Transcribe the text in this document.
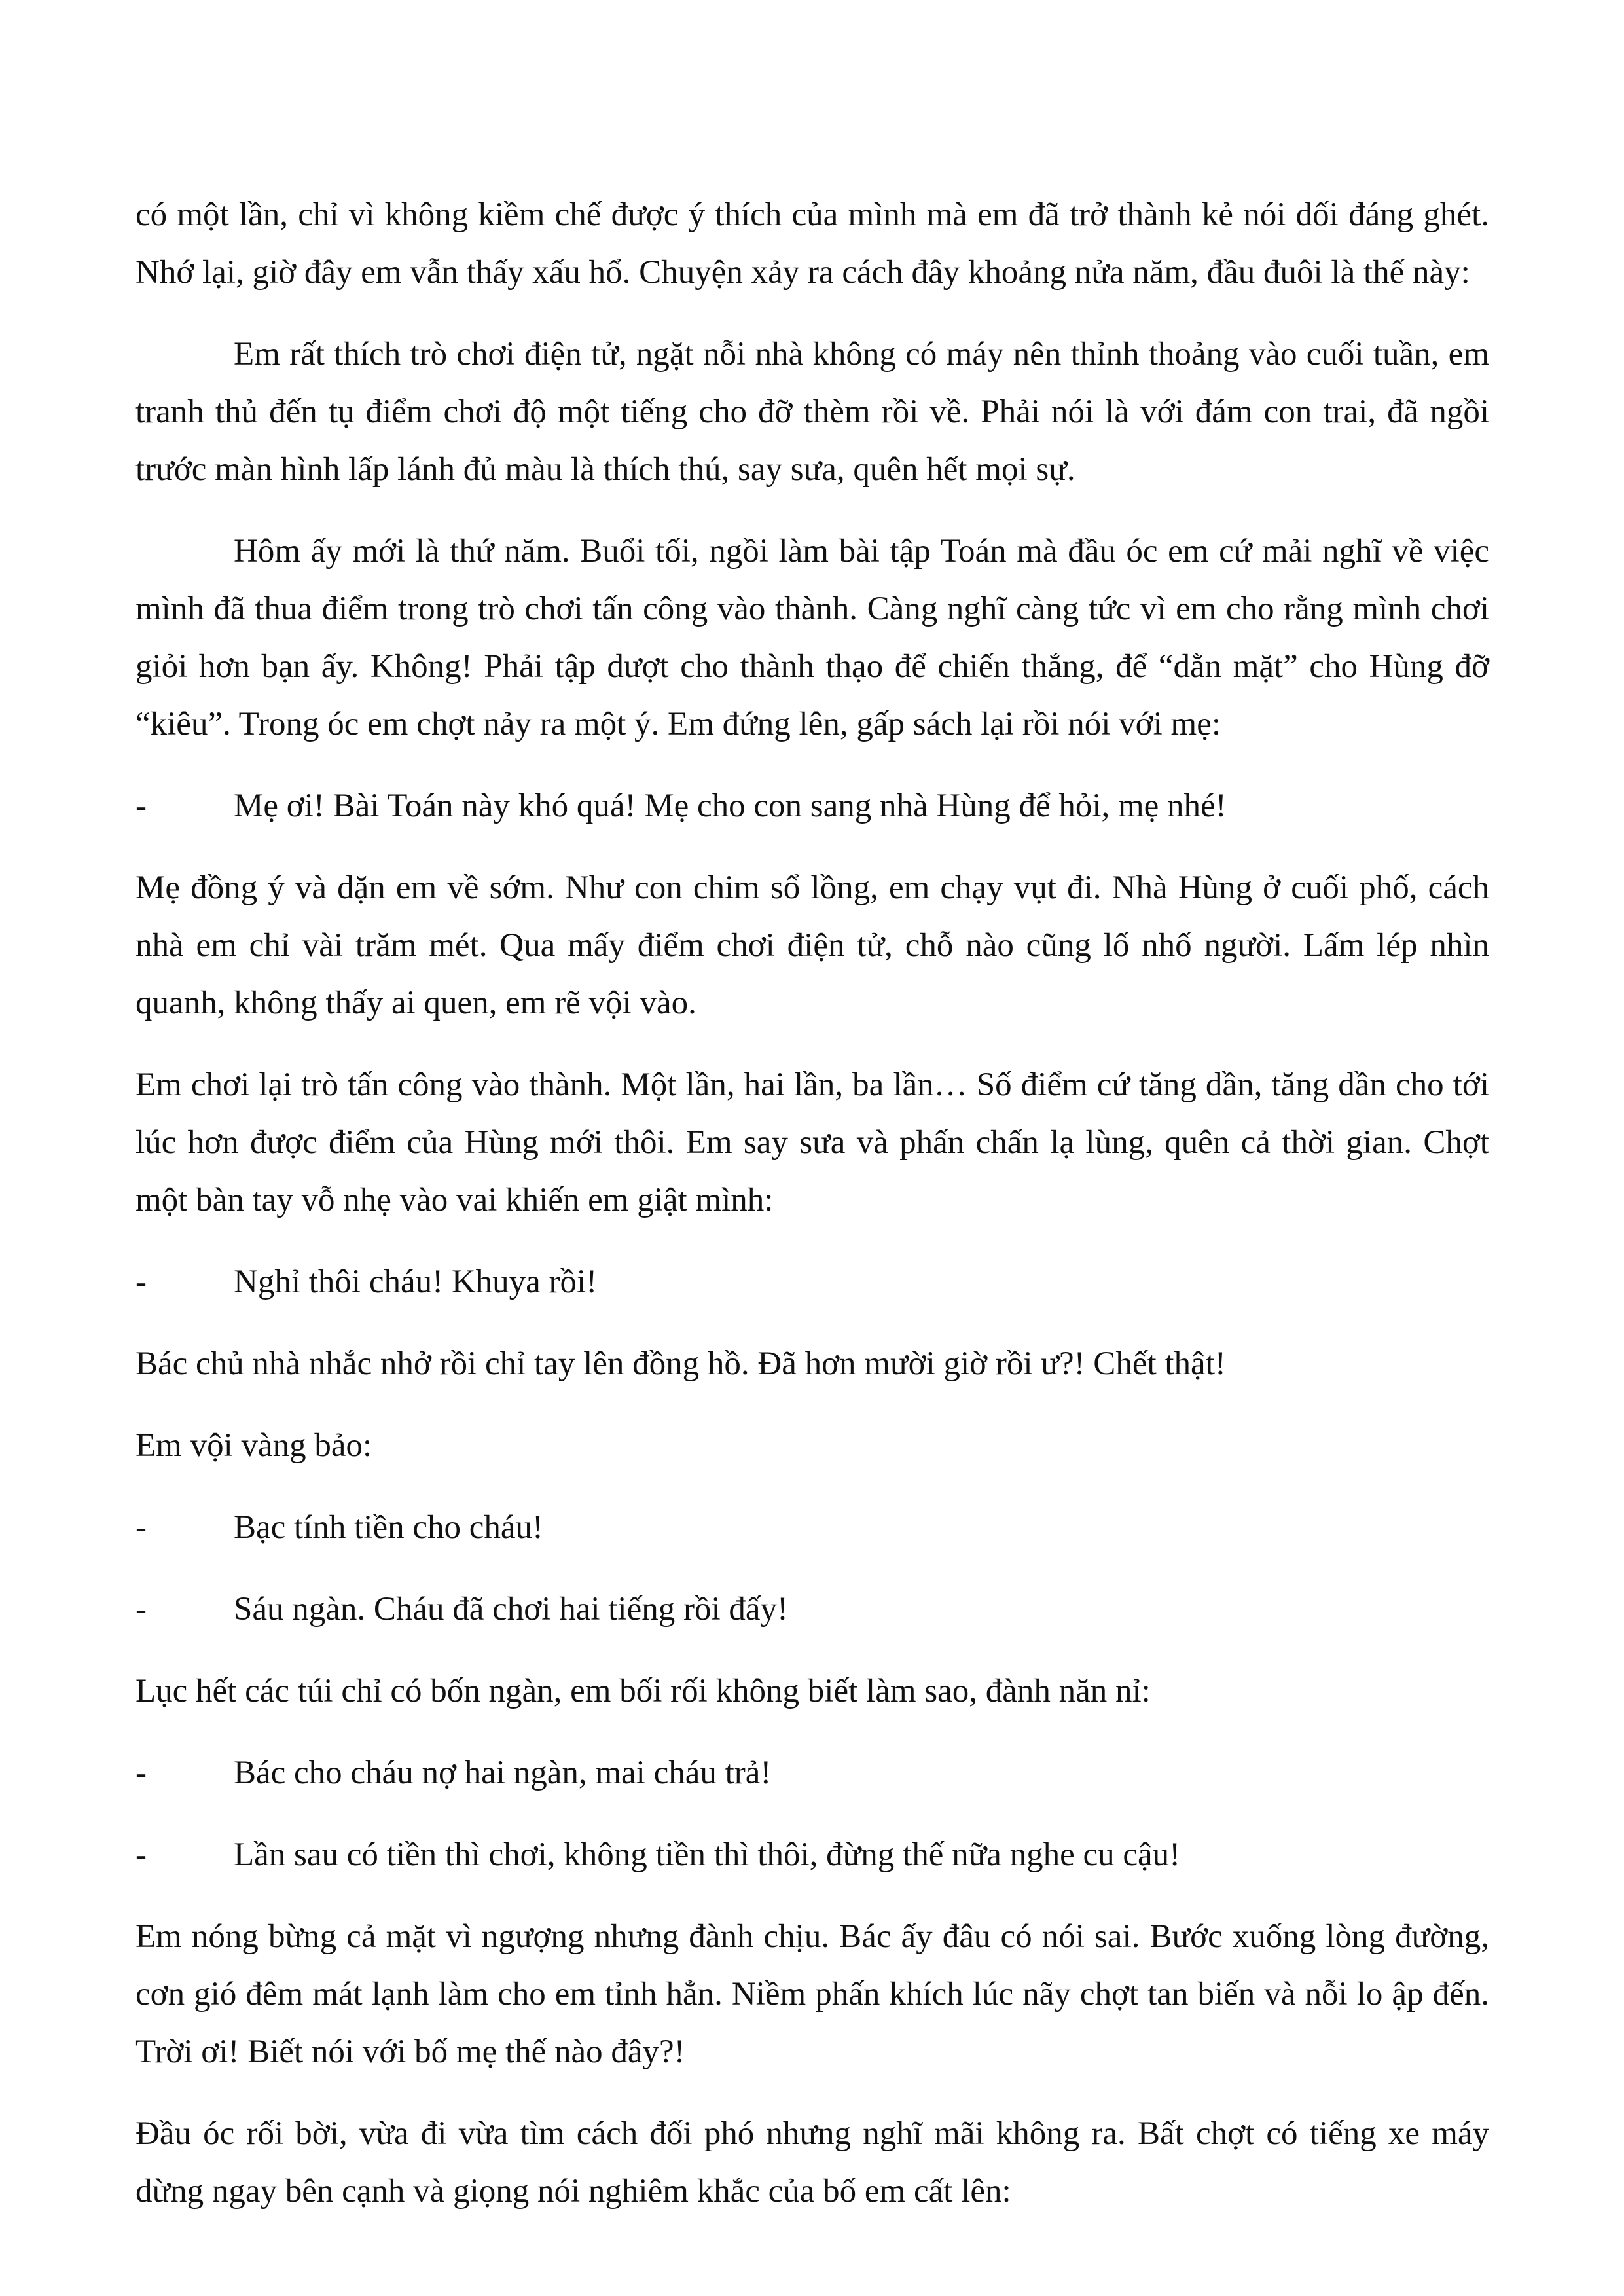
có một lần, chỉ vì không kiềm chế được ý thích của mình mà em đã trở thành kẻ nói dối đáng ghét. Nhớ lại, giờ đây em vẫn thấy xấu hổ. Chuyện xảy ra cách đây khoảng nửa năm, đầu đuôi là thế này:

Em rất thích trò chơi điện tử, ngặt nỗi nhà không có máy nên thỉnh thoảng vào cuối tuần, em tranh thủ đến tụ điểm chơi độ một tiếng cho đỡ thèm rồi về. Phải nói là với đám con trai, đã ngồi trước màn hình lấp lánh đủ màu là thích thú, say sưa, quên hết mọi sự.

Hôm ấy mới là thứ năm. Buổi tối, ngồi làm bài tập Toán mà đầu óc em cứ mải nghĩ về việc mình đã thua điểm trong trò chơi tấn công vào thành. Càng nghĩ càng tức vì em cho rằng mình chơi giỏi hơn bạn ấy. Không! Phải tập dượt cho thành thạo để chiến thắng, để “dằn mặt” cho Hùng đỡ “kiêu”. Trong óc em chợt nảy ra một ý. Em đứng lên, gấp sách lại rồi nói với mẹ:

-	Mẹ ơi! Bài Toán này khó quá! Mẹ cho con sang nhà Hùng để hỏi, mẹ nhé!

Mẹ đồng ý và dặn em về sớm. Như con chim sổ lồng, em chạy vụt đi. Nhà Hùng ở cuối phố, cách nhà em chỉ vài trăm mét. Qua mấy điểm chơi điện tử, chỗ nào cũng lố nhố người. Lấm lép nhìn quanh, không thấy ai quen, em rẽ vội vào.

Em chơi lại trò tấn công vào thành. Một lần, hai lần, ba lần… Số điểm cứ tăng dần, tăng dần cho tới lúc hơn được điểm của Hùng mới thôi. Em say sưa và phấn chấn lạ lùng, quên cả thời gian. Chợt một bàn tay vỗ nhẹ vào vai khiến em giật mình:

-	Nghỉ thôi cháu! Khuya rồi!

Bác chủ nhà nhắc nhở rồi chỉ tay lên đồng hồ. Đã hơn mười giờ rồi ư?! Chết thật!

Em vội vàng bảo:

-	Bạc tính tiền cho cháu!
-	Sáu ngàn. Cháu đã chơi hai tiếng rồi đấy!

Lục hết các túi chỉ có bốn ngàn, em bối rối không biết làm sao, đành năn nỉ:

-	Bác cho cháu nợ hai ngàn, mai cháu trả!
-	Lần sau có tiền thì chơi, không tiền thì thôi, đừng thế nữa nghe cu cậu!

Em nóng bừng cả mặt vì ngượng nhưng đành chịu. Bác ấy đâu có nói sai. Bước xuống lòng đường, cơn gió đêm mát lạnh làm cho em tỉnh hẳn. Niềm phấn khích lúc nãy chợt tan biến và nỗi lo ập đến. Trời ơi! Biết nói với bố mẹ thế nào đây?!

Đầu óc rối bời, vừa đi vừa tìm cách đối phó nhưng nghĩ mãi không ra. Bất chợt có tiếng xe máy dừng ngay bên cạnh và giọng nói nghiêm khắc của bố em cất lên:
